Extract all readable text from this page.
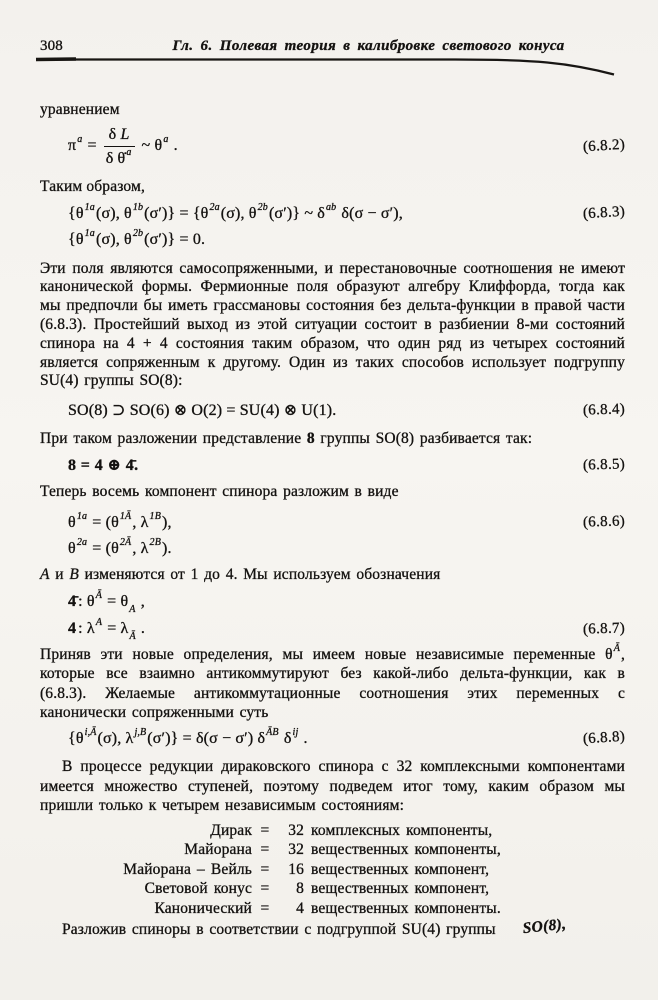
308	Гл. 6. Полевая теория в калибровке светового конуса

уравнением

$\pi^a = \frac{\text{δ L}}{\delta \thetȧ^a}$ ~ $\theta^a$ .	(6.8.2)

Таким образом,

{$\theta^{1a}(\sigma)$, $\theta^{1b}(\sigma')\} = \{\theta^{2a}(\sigma)$, $\theta^{2b}(\sigma')$} ~ $\delta^{ab}$ δ(σ − σ′),
{$\theta^{1a}(\sigma)$, $\theta^{2b}(\sigma')\} = 0$.
(6.8.3)

Эти поля являются самосопряженными, и перестановочные соотношения не имеют канонической формы. Фермионные поля образуют алгебру Клиффорда, тогда как мы предпочли бы иметь грассмановы состояния без дельта-функции в правой части (6.8.3). Простейший выход из этой ситуации состоит в разбиении 8-ми состояний спинора на 4 + 4 состояния таким образом, что один ряд из четырех состояний является сопряженным к другому. Один из таких способов использует подгруппу SU(4) группы SO(8):

SO(8) ⊃ SO(6) ⊗ O(2) = SU(4) ⊗ U(1).	(6.8.4)

При таком разложении представление 8 группы SO(8) разбивается так:

8 = 4 ⊕ 4̄.	(6.8.5)

Теперь восемь компонент спинора разложим в виде

$\theta^{1a} = (\theta^{1Ā}$, $\lambda^{1B}$),
$\theta^{2a} = (\theta^{2Ā}$, $\lambda^{2B}$).
(6.8.6)

A и B изменяются от 1 до 4. Мы используем обозначения

4̄ : $\theta^Ā = \theta_A$ ,
4 : $\lambda^A = \lambda_Ā$ .	(6.8.7)

Приняв эти новые определения, мы имеем новые независимые переменные $\theta^Ā$, которые все взаимно антикоммутируют без какой-либо дельта-функции, как в (6.8.3). Желаемые антикоммутационные соотношения этих переменных с канонически сопряженными суть

{$\theta^{i,Ā}(\sigma)$, $\lambda^{j,B}(\sigma')\} = \delta(\sigma - \sigma')$ $\delta^{ĀB}$ $\delta^{ij}$ .	(6.8.8)

В процессе редукции дираковского спинора с 32 комплексными компонентами имеется множество ступеней, поэтому подведем итог тому, каким образом мы пришли только к четырем независимым состояниям:

Дирак =	32 комплексных компоненты,
Майорана =	32 вещественных компоненты,
Майорана – Вейль =	16 вещественных компонент,
Световой конус =	8 вещественных компонент,
Канонический =	4 вещественных компоненты.

Разложив спиноры в соответствии с подгруппой SU(4) группы SO(8),
